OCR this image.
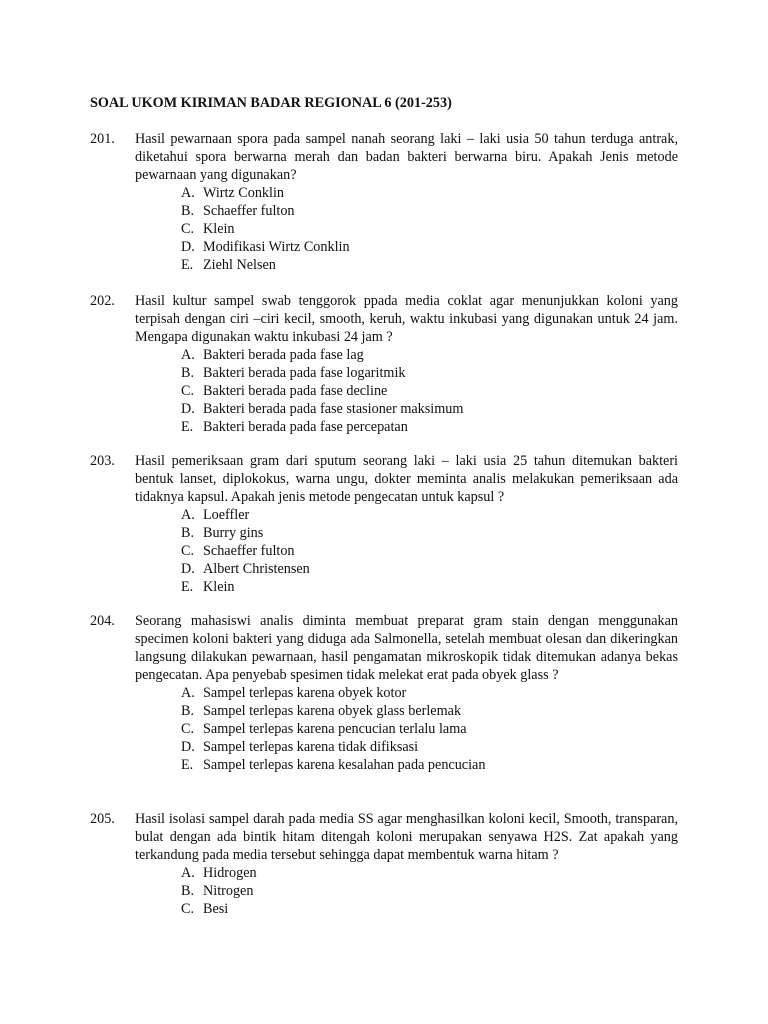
SOAL UKOM KIRIMAN BADAR REGIONAL 6 (201-253)
201.	Hasil pewarnaan spora pada sampel nanah seorang laki – laki usia 50 tahun terduga antrak, diketahui spora berwarna merah dan badan bakteri berwarna biru. Apakah Jenis metode pewarnaan yang digunakan?
A. Wirtz Conklin
B. Schaeffer fulton
C. Klein
D. Modifikasi Wirtz Conklin
E. Ziehl Nelsen
202.	Hasil kultur sampel swab tenggorok ppada media coklat agar menunjukkan koloni yang terpisah dengan ciri –ciri kecil, smooth, keruh, waktu inkubasi yang digunakan untuk 24 jam. Mengapa digunakan waktu inkubasi 24 jam ?
A. Bakteri berada pada fase lag
B. Bakteri berada pada fase logaritmik
C. Bakteri berada pada fase decline
D. Bakteri berada pada fase stasioner maksimum
E. Bakteri berada pada fase percepatan
203.	Hasil pemeriksaan gram dari sputum seorang laki – laki usia 25 tahun ditemukan bakteri bentuk lanset, diplokokus, warna ungu, dokter meminta analis melakukan pemeriksaan ada tidaknya kapsul. Apakah jenis metode pengecatan untuk kapsul ?
A. Loeffler
B. Burry gins
C. Schaeffer fulton
D. Albert Christensen
E. Klein
204.	Seorang mahasiswi analis diminta membuat preparat gram stain dengan menggunakan specimen koloni bakteri yang diduga ada Salmonella, setelah membuat olesan dan dikeringkan langsung dilakukan pewarnaan, hasil pengamatan mikroskopik tidak ditemukan adanya bekas pengecatan. Apa penyebab spesimen tidak melekat erat pada obyek glass ?
A. Sampel terlepas karena obyek kotor
B. Sampel terlepas karena obyek glass berlemak
C. Sampel terlepas karena pencucian terlalu lama
D. Sampel terlepas karena tidak difiksasi
E. Sampel terlepas karena kesalahan pada pencucian
205.	Hasil isolasi sampel darah pada media SS agar menghasilkan koloni kecil, Smooth, transparan, bulat dengan ada bintik hitam ditengah koloni merupakan senyawa H2S. Zat apakah yang terkandung pada media tersebut sehingga dapat membentuk warna hitam ?
A. Hidrogen
B. Nitrogen
C. Besi
